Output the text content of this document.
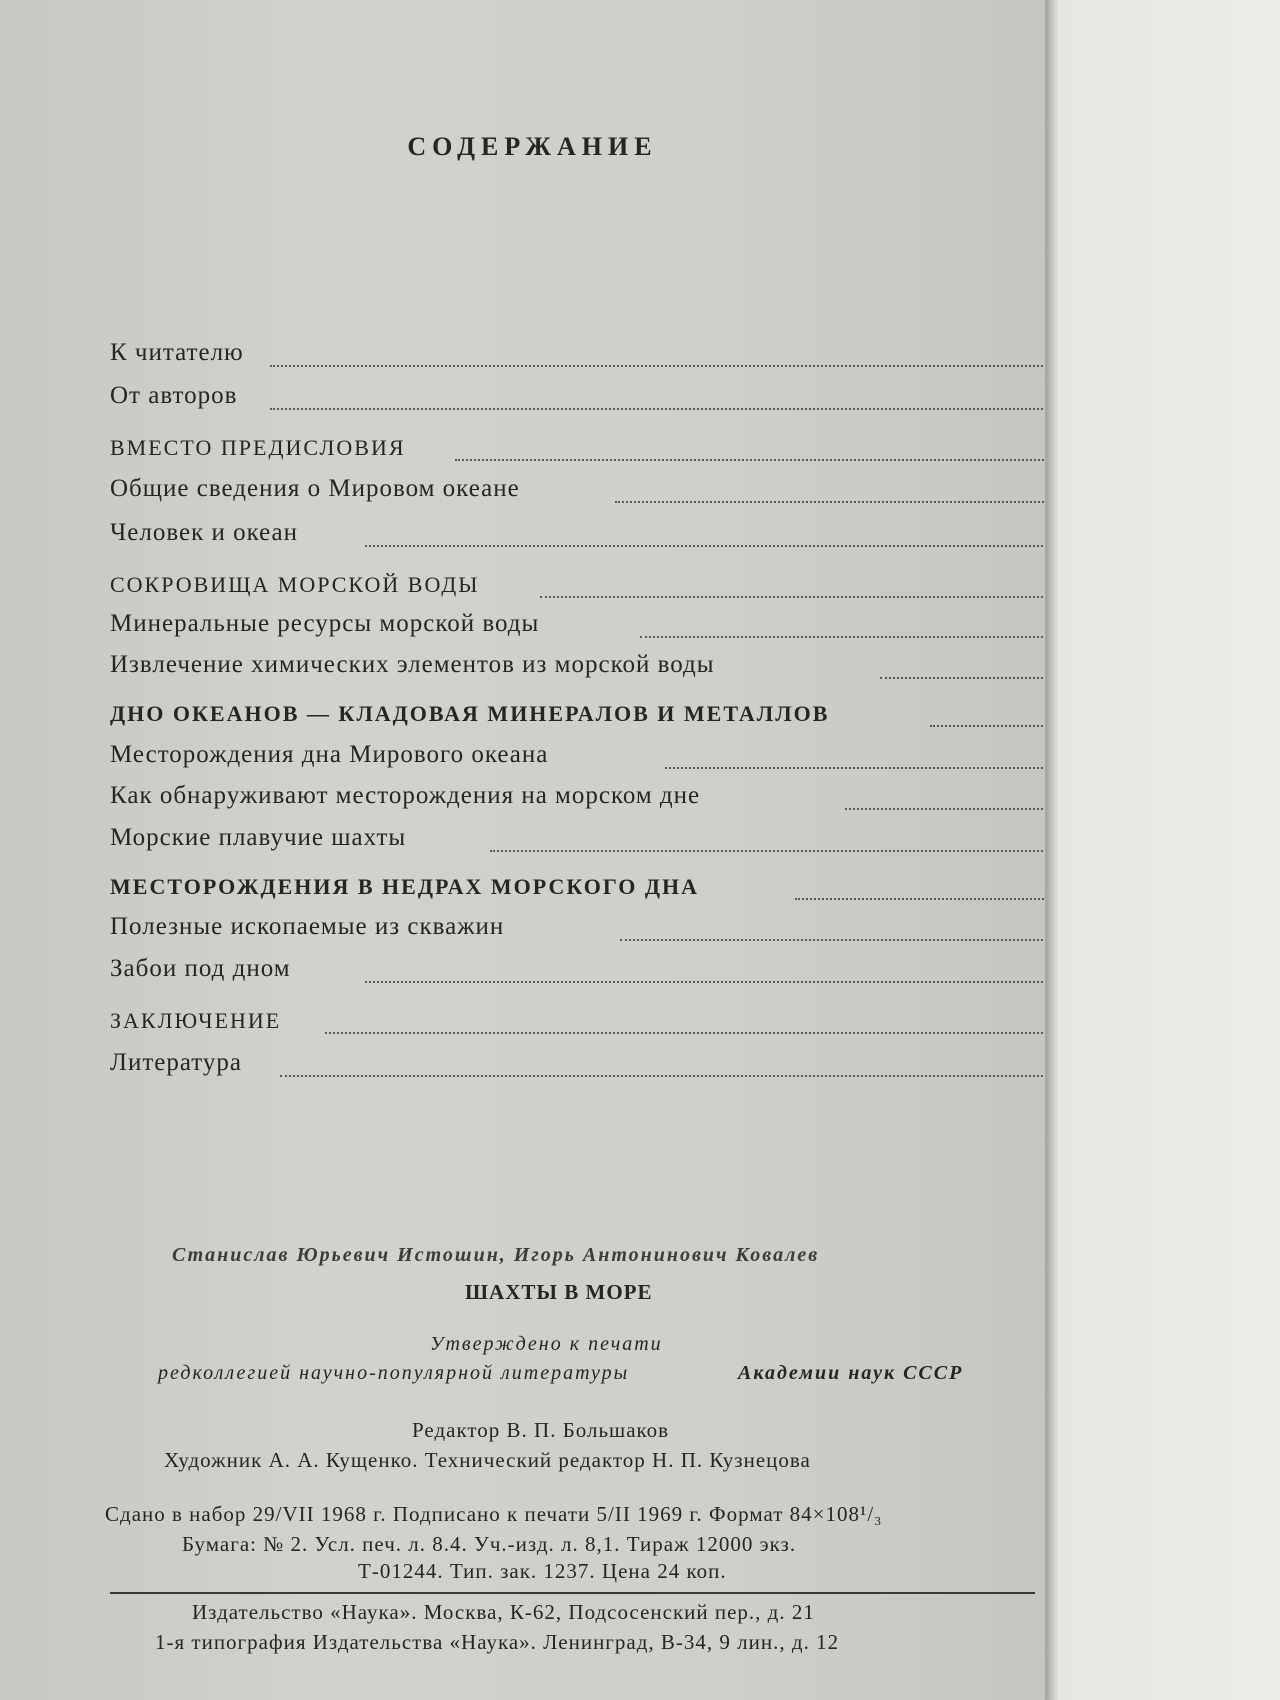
СОДЕРЖАНИЕ
К читателю
От авторов
ВМЕСТО ПРЕДИСЛОВИЯ
Общие сведения о Мировом океане
Человек и океан
СОКРОВИЩА МОРСКОЙ ВОДЫ
Минеральные ресурсы морской воды
Извлечение химических элементов из морской воды
ДНО ОКЕАНОВ — КЛАДОВАЯ МИНЕРАЛОВ И МЕТАЛЛОВ
Месторождения дна Мирового океана
Как обнаруживают месторождения на морском дне
Морские плавучие шахты
МЕСТОРОЖДЕНИЯ В НЕДРАХ МОРСКОГО ДНА
Полезные ископаемые из скважин
Забои под дном
ЗАКЛЮЧЕНИЕ
Литература
Станислав Юрьевич Истошин, Игорь Антонинович Ковалев
ШАХТЫ В МОРЕ
Утверждено к печати
редколлегией научно-популярной литературы	Академии наук СССР
Редактор В. П. Большаков
Художник А. А. Кущенко. Технический редактор Н. П. Кузнецова
Сдано в набор 29/VII 1968 г. Подписано к печати 5/II 1969 г. Формат 84×108¹/₃
Бумага: № 2. Усл. печ. л. 8.4. Уч.-изд. л. 8,1. Тираж 12000 экз.
Т-01244. Тип. зак. 1237. Цена 24 коп.
Издательство «Наука». Москва, К-62, Подсосенский пер., д. 21
1-я типография Издательства «Наука». Ленинград, В-34, 9 лин., д. 12
